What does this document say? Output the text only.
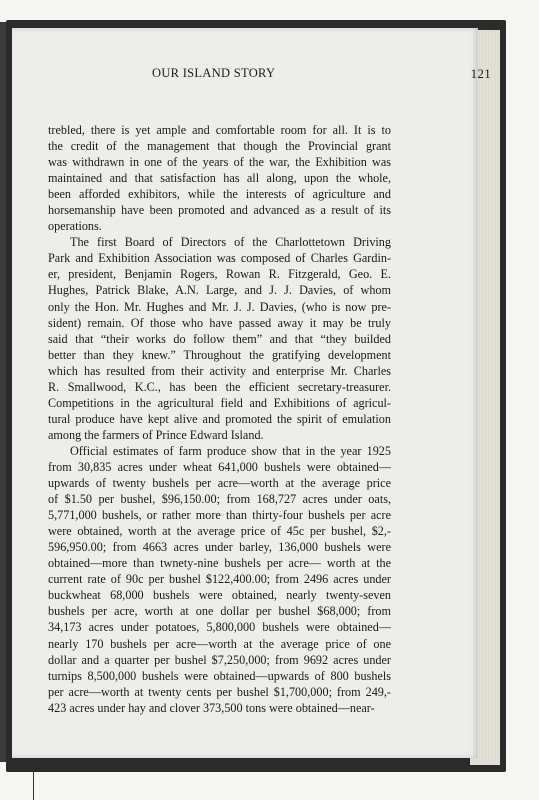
OUR ISLAND STORY	121

trebled, there is yet ample and comfortable room for all. It is to
the credit of the management that though the Provincial grant
was withdrawn in one of the years of the war, the Exhibition was
maintained and that satisfaction has all along, upon the whole,
been afforded exhibitors, while the interests of agriculture and
horsemanship have been promoted and advanced as a result of its
operations.

The first Board of Directors of the Charlottetown Driving
Park and Exhibition Association was composed of Charles Gardin-
er, president, Benjamin Rogers, Rowan R. Fitzgerald, Geo. E.
Hughes, Patrick Blake, A.N. Large, and J. J. Davies, of whom
only the Hon. Mr. Hughes and Mr. J. J. Davies, (who is now pre-
sident) remain. Of those who have passed away it may be truly
said that “their works do follow them” and that “they builded
better than they knew.” Throughout the gratifying development
which has resulted from their activity and enterprise Mr. Charles
R. Smallwood, K.C., has been the efficient secretary-treasurer.
Competitions in the agricultural field and Exhibitions of agricul-
tural produce have kept alive and promoted the spirit of emulation
among the farmers of Prince Edward Island.

Official estimates of farm produce show that in the year 1925
from 30,835 acres under wheat 641,000 bushels were obtained—
upwards of twenty bushels per acre—worth at the average price
of $1.50 per bushel, $96,150.00; from 168,727 acres under oats,
5,771,000 bushels, or rather more than thirty-four bushels per acre
were obtained, worth at the average price of 45c per bushel, $2,-
596,950.00; from 4663 acres under barley, 136,000 bushels were
obtained—more than twnety-nine bushels per acre— worth at the
current rate of 90c per bushel $122,400.00; from 2496 acres under
buckwheat 68,000 bushels were obtained, nearly twenty-seven
bushels per acre, worth at one dollar per bushel $68,000; from
34,173 acres under potatoes, 5,800,000 bushels were obtained—
nearly 170 bushels per acre—worth at the average price of one
dollar and a quarter per bushel $7,250,000; from 9692 acres under
turnips 8,500,000 bushels were obtained—upwards of 800 bushels
per acre—worth at twenty cents per bushel $1,700,000; from 249,-
423 acres under hay and clover 373,500 tons were obtained—near-
